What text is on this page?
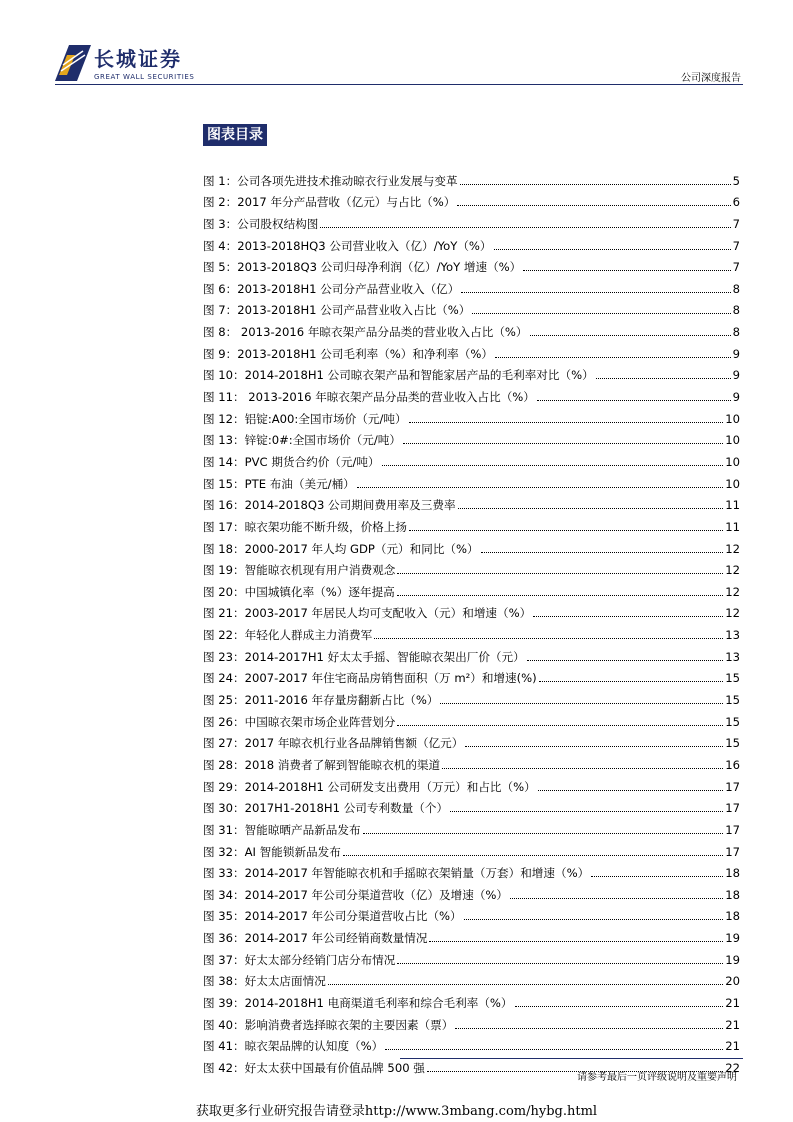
长城证券
GREAT WALL SECURITIES	公司深度报告
图表目录
图 1：公司各项先进技术推动晾衣行业发展与变革	5
图 2：2017 年分产品营收（亿元）与占比（%）	6
图 3：公司股权结构图	7
图 4：2013-2018HQ3 公司营业收入（亿）/YoY（%）	7
图 5：2013-2018Q3 公司归母净利润（亿）/YoY 增速（%）	7
图 6：2013-2018H1 公司分产品营业收入（亿）	8
图 7：2013-2018H1 公司产品营业收入占比（%）	8
图 8： 2013-2016 年晾衣架产品分品类的营业收入占比（%）	8
图 9：2013-2018H1 公司毛利率（%）和净利率（%）	9
图 10：2014-2018H1 公司晾衣架产品和智能家居产品的毛利率对比（%）	9
图 11： 2013-2016 年晾衣架产品分品类的营业收入占比（%）	9
图 12：铝锭:A00:全国市场价（元/吨）	10
图 13：锌锭:0#:全国市场价（元/吨）	10
图 14：PVC 期货合约价（元/吨）	10
图 15：PTE 布油（美元/桶）	10
图 16：2014-2018Q3 公司期间费用率及三费率	11
图 17：晾衣架功能不断升级，价格上扬	11
图 18：2000-2017 年人均 GDP（元）和同比（%）	12
图 19：智能晾衣机现有用户消费观念	12
图 20：中国城镇化率（%）逐年提高	12
图 21：2003-2017 年居民人均可支配收入（元）和增速（%）	12
图 22：年轻化人群成主力消费军	13
图 23：2014-2017H1 好太太手摇、智能晾衣架出厂价（元）	13
图 24：2007-2017 年住宅商品房销售面积（万 m²）和增速(%)	15
图 25：2011-2016 年存量房翻新占比（%）	15
图 26：中国晾衣架市场企业阵营划分	15
图 27：2017 年晾衣机行业各品牌销售额（亿元）	15
图 28：2018 消费者了解到智能晾衣机的渠道	16
图 29：2014-2018H1 公司研发支出费用（万元）和占比（%）	17
图 30：2017H1-2018H1 公司专利数量（个）	17
图 31：智能晾晒产品新品发布	17
图 32：AI 智能锁新品发布	17
图 33：2014-2017 年智能晾衣机和手摇晾衣架销量（万套）和增速（%）	18
图 34：2014-2017 年公司分渠道营收（亿）及增速（%）	18
图 35：2014-2017 年公司分渠道营收占比（%）	18
图 36：2014-2017 年公司经销商数量情况	19
图 37：好太太部分经销门店分布情况	19
图 38：好太太店面情况	20
图 39：2014-2018H1 电商渠道毛利率和综合毛利率（%）	21
图 40：影响消费者选择晾衣架的主要因素（票）	21
图 41：晾衣架品牌的认知度（%）	21
图 42：好太太获中国最有价值品牌 500 强	22
请参考最后一页评级说明及重要声明
获取更多行业研究报告请登录http://www.3mbang.com/hybg.html
